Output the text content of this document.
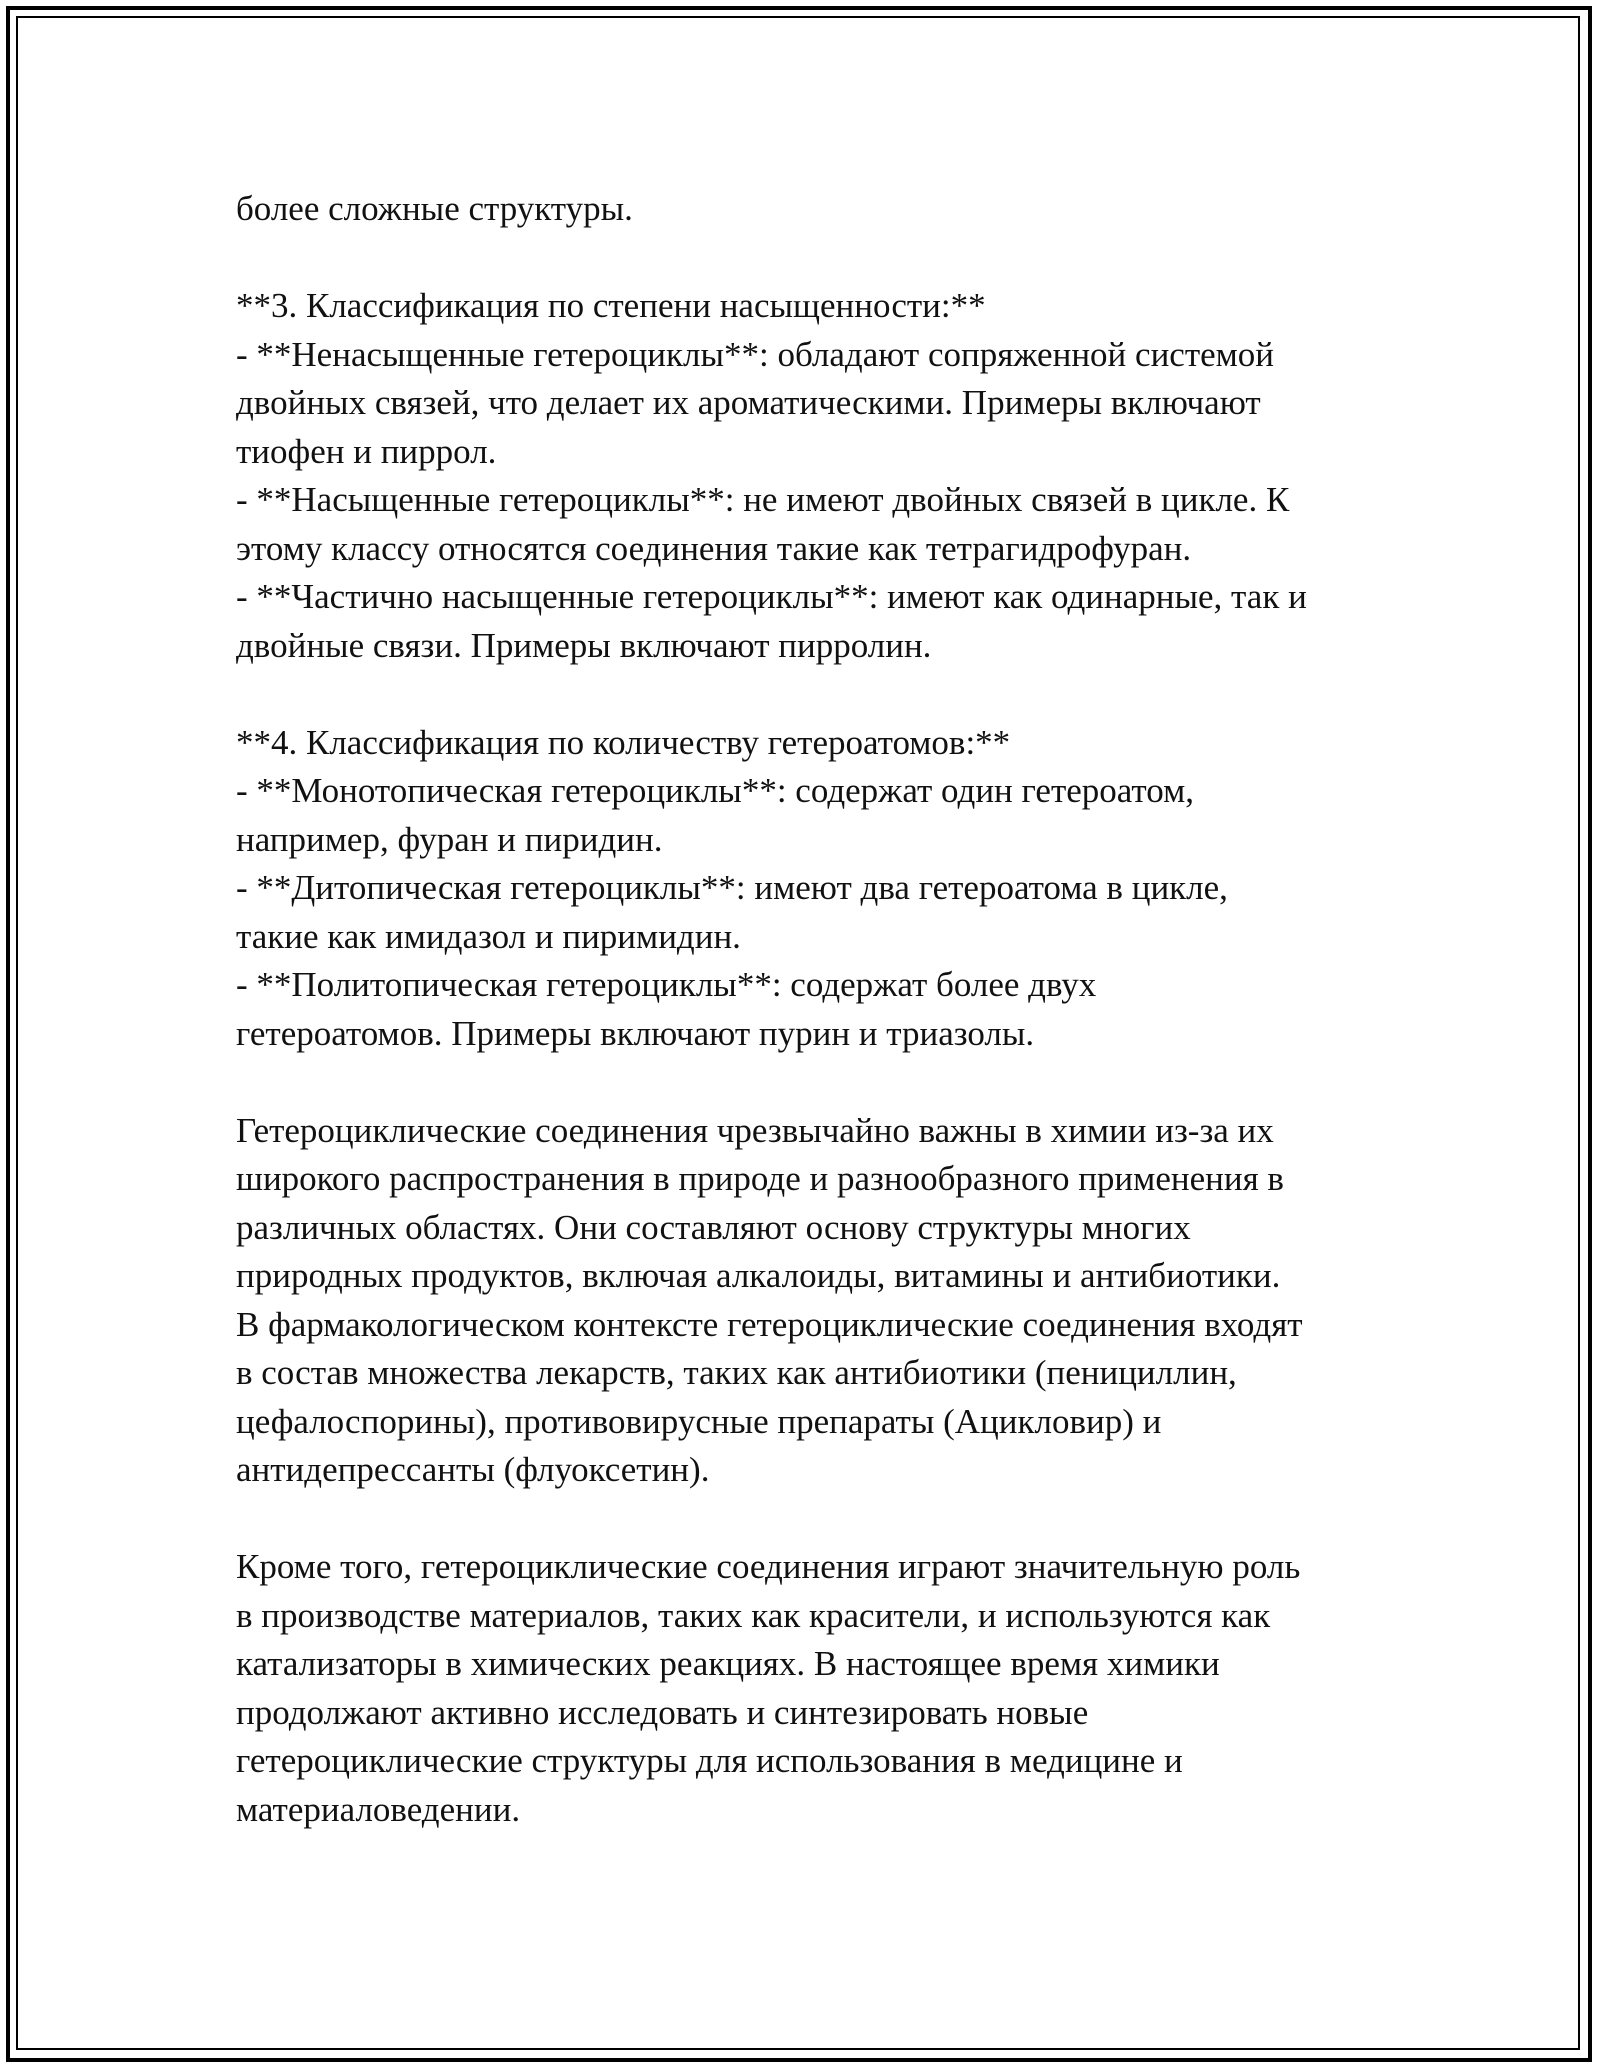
более сложные структуры.
**3. Классификация по степени насыщенности:**
- **Ненасыщенные гетероциклы**: обладают сопряженной системой
двойных связей, что делает их ароматическими. Примеры включают
тиофен и пиррол.
- **Насыщенные гетероциклы**: не имеют двойных связей в цикле. К
этому классу относятся соединения такие как тетрагидрофуран.
- **Частично насыщенные гетероциклы**: имеют как одинарные, так и
двойные связи. Примеры включают пирролин.
**4. Классификация по количеству гетероатомов:**
- **Монотопическая гетероциклы**: содержат один гетероатом,
например, фуран и пиридин.
- **Дитопическая гетероциклы**: имеют два гетероатома в цикле,
такие как имидазол и пиримидин.
- **Политопическая гетероциклы**: содержат более двух
гетероатомов. Примеры включают пурин и триазолы.
Гетероциклические соединения чрезвычайно важны в химии из-за их
широкого распространения в природе и разнообразного применения в
различных областях. Они составляют основу структуры многих
природных продуктов, включая алкалоиды, витамины и антибиотики.
В фармакологическом контексте гетероциклические соединения входят
в состав множества лекарств, таких как антибиотики (пенициллин,
цефалоспорины), противовирусные препараты (Ацикловир) и
антидепрессанты (флуоксетин).
Кроме того, гетероциклические соединения играют значительную роль
в производстве материалов, таких как красители, и используются как
катализаторы в химических реакциях. В настоящее время химики
продолжают активно исследовать и синтезировать новые
гетероциклические структуры для использования в медицине и
материаловедении.
